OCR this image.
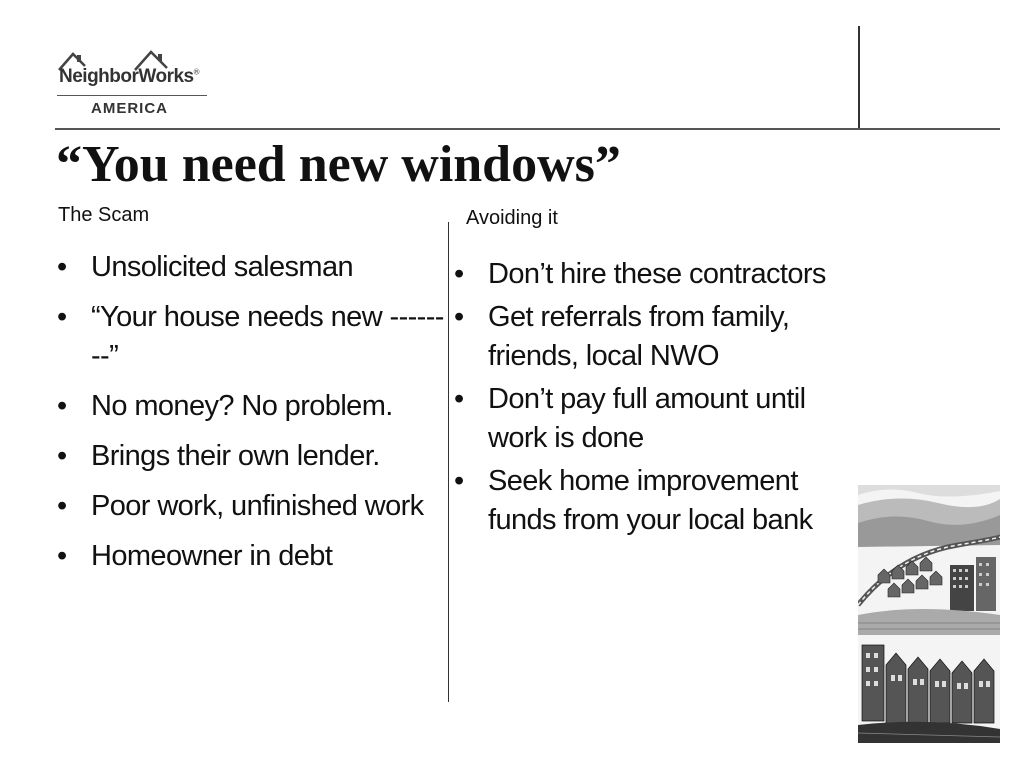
NeighborWorks®
AMERICA
“You need new windows”
The Scam	Avoiding it
• Unsolicited salesman
• “Your house needs new --------”
• No money? No problem.
• Brings their own lender.
• Poor work, unfinished work
• Homeowner in debt
• Don’t hire these contractors
• Get referrals from family, friends, local NWO
• Don’t pay full amount until work is done
• Seek home improvement funds from your local bank
